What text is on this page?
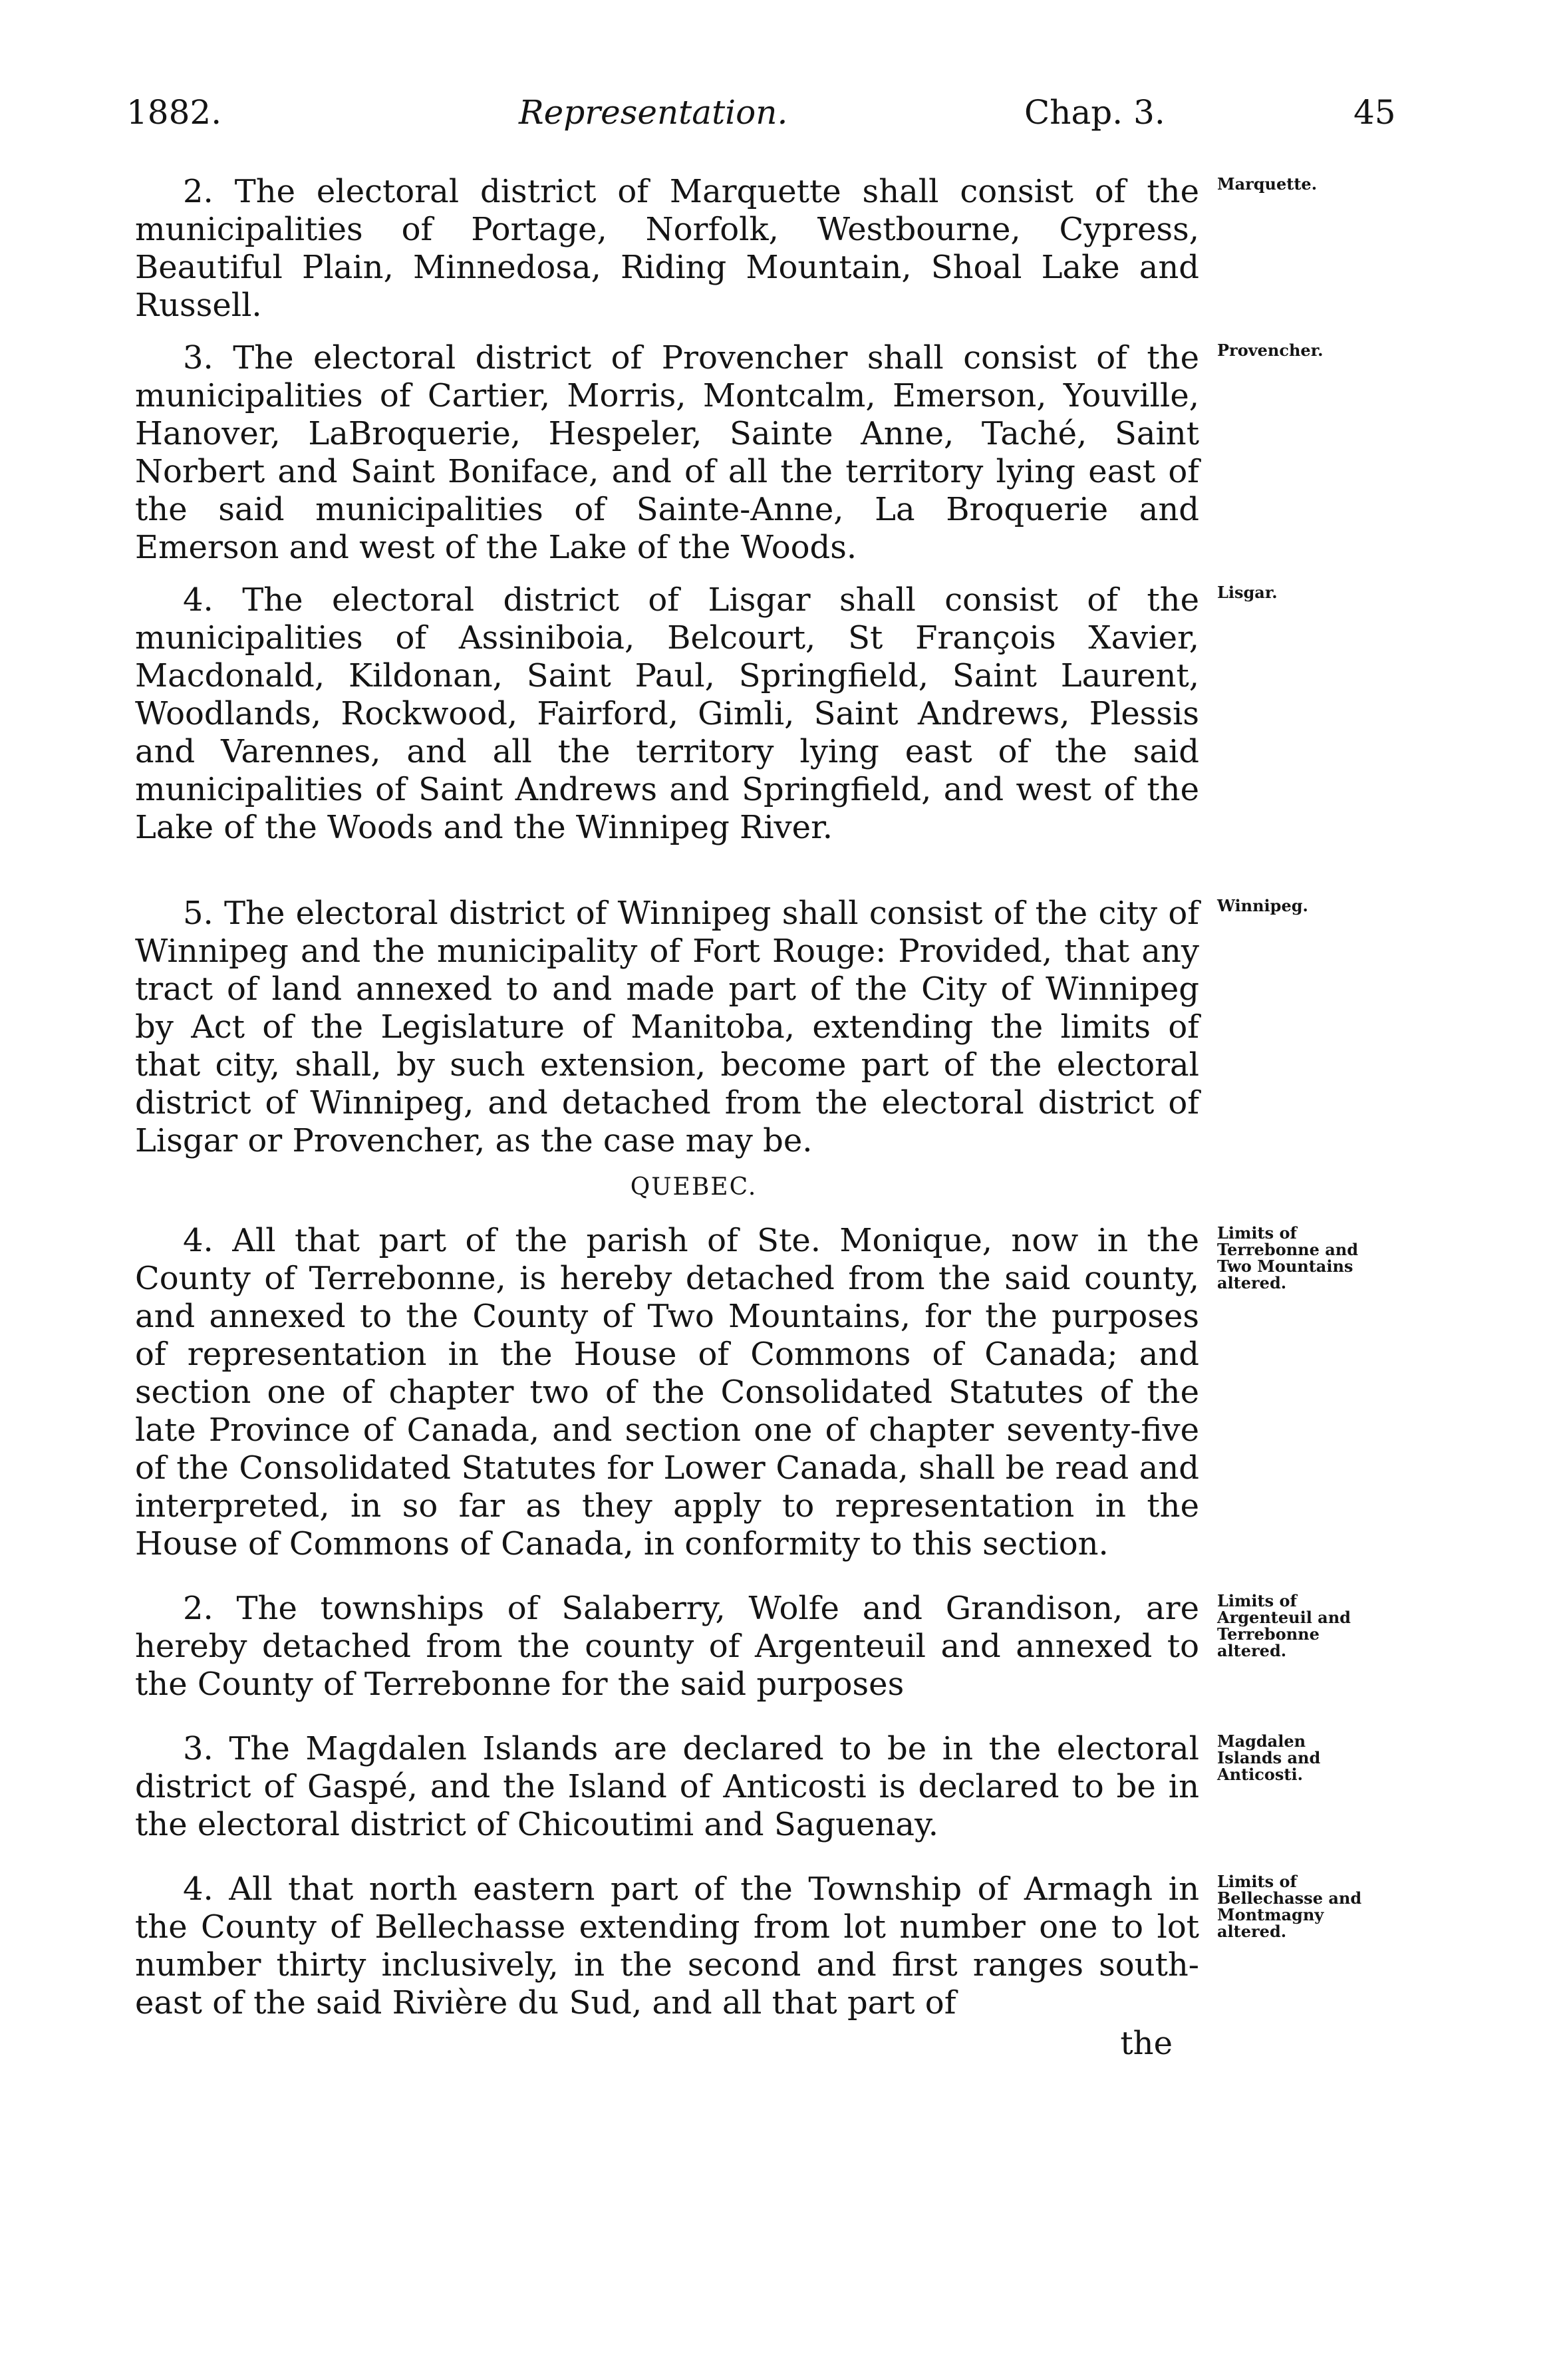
1882.	Representation.	Chap. 3.	45

2. The electoral district of Marquette shall consist of the municipalities of Portage, Norfolk, Westbourne, Cypress, Beautiful Plain, Minnedosa, Riding Mountain, Shoal Lake and Russell.

3. The electoral district of Provencher shall consist of the municipalities of Cartier, Morris, Montcalm, Emerson, Youville, Hanover, LaBroquerie, Hespeler, Sainte Anne, Taché, Saint Norbert and Saint Boniface, and of all the territory lying east of the said municipalities of Sainte-Anne, La Broquerie and Emerson and west of the Lake of the Woods.

4. The electoral district of Lisgar shall consist of the municipalities of Assiniboia, Belcourt, St François Xavier, Macdonald, Kildonan, Saint Paul, Springfield, Saint Laurent, Woodlands, Rockwood, Fairford, Gimli, Saint Andrews, Plessis and Varennes, and all the territory lying east of the said municipalities of Saint Andrews and Springfield, and west of the Lake of the Woods and the Winnipeg River.

5. The electoral district of Winnipeg shall consist of the city of Winnipeg and the municipality of Fort Rouge: Provided, that any tract of land annexed to and made part of the City of Winnipeg by Act of the Legislature of Manitoba, extending the limits of that city, shall, by such extension, become part of the electoral district of Winnipeg, and detached from the electoral district of Lisgar or Provencher, as the case may be.

QUEBEC.

4. All that part of the parish of Ste. Monique, now in the County of Terrebonne, is hereby detached from the said county, and annexed to the County of Two Mountains, for the purposes of representation in the House of Commons of Canada; and section one of chapter two of the Consolidated Statutes of the late Province of Canada, and section one of chapter seventy-five of the Consolidated Statutes for Lower Canada, shall be read and interpreted, in so far as they apply to representation in the House of Commons of Canada, in conformity to this section.

2. The townships of Salaberry, Wolfe and Grandison, are hereby detached from the county of Argenteuil and annexed to the County of Terrebonne for the said purposes

3. The Magdalen Islands are declared to be in the electoral district of Gaspé, and the Island of Anticosti is declared to be in the electoral district of Chicoutimi and Saguenay.

4. All that north eastern part of the Township of Armagh in the County of Bellechasse extending from lot number one to lot number thirty inclusively, in the second and first ranges south-east of the said Rivière du Sud, and all that part of

the
Marquette.
Provencher.
Lisgar.
Winnipeg.
Limits of Terrebonne and Two Mountains altered.
Limits of Argenteuil and Terrebonne altered.
Magdalen Islands and Anticosti.
Limits of Bellechasse and Montmagny altered.
